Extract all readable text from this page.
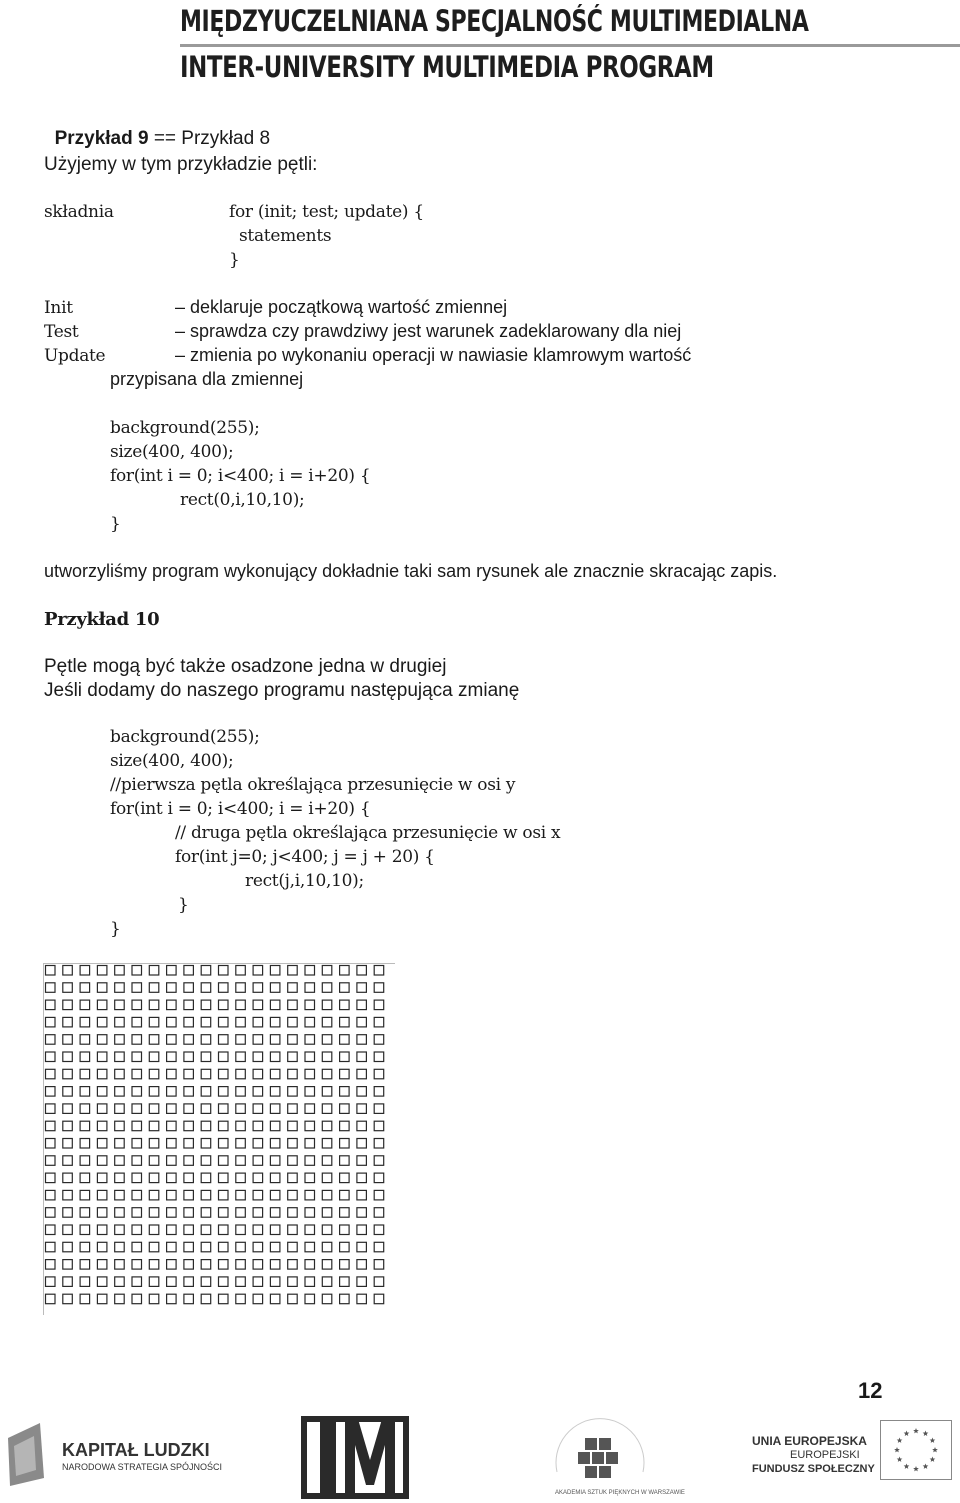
MIĘDZYUCZELNIANA SPECJALNOŚĆ MULTIMEDIALNA
INTER-UNIVERSITY MULTIMEDIA PROGRAM

Przykład 9 == Przykład 8

Użyjemy w tym przykładzie pętli:
składnia	for (init; test; update) {
statements
}
Init	– deklaruje początkową wartość zmiennej
Test	– sprawdza czy prawdziwy jest warunek zadeklarowany dla niej
Update	– zmienia po wykonaniu operacji w nawiasie klamrowym wartość
przypisana dla zmiennej
background(255);
size(400, 400);
for(int i = 0; i<400; i = i+20) {
rect(0,i,10,10);
}
utworzyliśmy program wykonujący dokładnie taki sam rysunek ale znacznie skracając zapis.
Przykład 10
Pętle mogą być także osadzone jedna w drugiej
Jeśli dodamy do naszego programu następująca zmianę
background(255);
size(400, 400);
//pierwsza pętla określająca przesunięcie w osi y
for(int i = 0; i<400; i = i+20) {
// druga pętla określająca przesunięcie w osi x
for(int j=0; j<400; j = j + 20) {
rect(j,i,10,10);
}
}
12
KAPITAŁ LUDZKI
NARODOWA STRATEGIA SPÓJNOŚCI
AKADEMIA SZTUK PIĘKNYCH W WARSZAWIE
UNIA EUROPEJSKA
EUROPEJSKI
FUNDUSZ SPOŁECZNY
